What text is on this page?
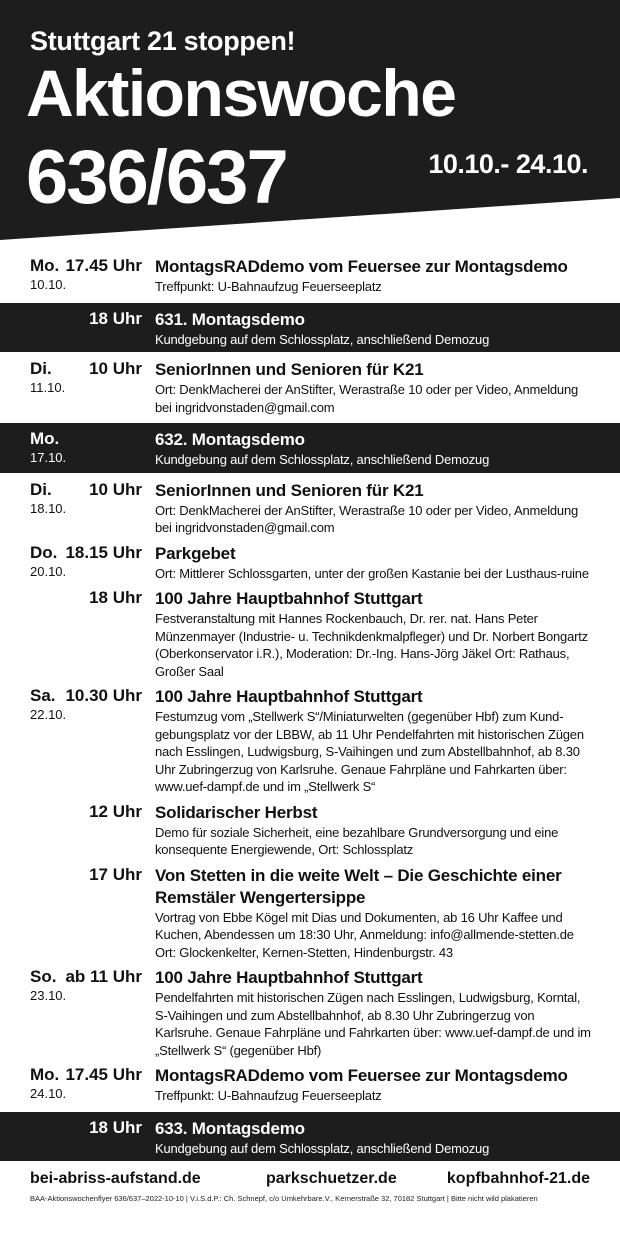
Stuttgart 21 stoppen!
Aktionswoche
636/637	10.10.- 24.10.
Mo. 17.45 Uhr
10.10.
MontagsRADdemo vom Feuersee zur Montagsdemo
Treffpunkt: U-Bahnaufzug Feuerseeplatz
18 Uhr 631. Montagsdemo
Kundgebung auf dem Schlossplatz, anschließend Demozug
Di. 10 Uhr
11.10.
SeniorInnen und Senioren für K21
Ort: DenkMacherei der AnStifter, Werastraße 10 oder per Video, Anmeldung bei ingridvonstaden@gmail.com
Mo.
17.10.
632. Montagsdemo
Kundgebung auf dem Schlossplatz, anschließend Demozug
Di. 10 Uhr
18.10.
SeniorInnen und Senioren für K21
Ort: DenkMacherei der AnStifter, Werastraße 10 oder per Video, Anmeldung bei ingridvonstaden@gmail.com
Do. 18.15 Uhr
20.10.
Parkgebet
Ort: Mittlerer Schlossgarten, unter der großen Kastanie bei der Lusthaus-ruine
18 Uhr 100 Jahre Hauptbahnhof Stuttgart
Festveranstaltung mit Hannes Rockenbauch, Dr. rer. nat. Hans Peter Münzenmayer (Industrie- u. Technikdenkmalpfleger) und Dr. Norbert Bongartz (Oberkonservator i.R.), Moderation: Dr.-Ing. Hans-Jörg Jäkel Ort: Rathaus, Großer Saal
Sa. 10.30 Uhr
22.10.
100 Jahre Hauptbahnhof Stuttgart
Festumzug vom „Stellwerk S“/Miniaturwelten (gegenüber Hbf) zum Kund-gebungsplatz vor der LBBW, ab 11 Uhr Pendelfahrten mit historischen Zügen nach Esslingen, Ludwigsburg, S-Vaihingen und zum Abstellbahnhof, ab 8.30 Uhr Zubringerzug von Karlsruhe. Genaue Fahrpläne und Fahrkarten über: www.uef-dampf.de und im „Stellwerk S“
12 Uhr Solidarischer Herbst
Demo für soziale Sicherheit, eine bezahlbare Grundversorgung und eine konsequente Energiewende, Ort: Schlossplatz
17 Uhr Von Stetten in die weite Welt – Die Geschichte einer Remstäler Wengertersippe
Vortrag von Ebbe Kögel mit Dias und Dokumenten, ab 16 Uhr Kaffee und Kuchen, Abendessen um 18:30 Uhr, Anmeldung: info@allmende-stetten.de Ort: Glockenkelter, Kernen-Stetten, Hindenburgstr. 43
So. ab 11 Uhr
23.10.
100 Jahre Hauptbahnhof Stuttgart
Pendelfahrten mit historischen Zügen nach Esslingen, Ludwigsburg, Korntal, S-Vaihingen und zum Abstellbahnhof, ab 8.30 Uhr Zubringerzug von Karlsruhe. Genaue Fahrpläne und Fahrkarten über: www.uef-dampf.de und im „Stellwerk S“ (gegenüber Hbf)
Mo. 17.45 Uhr
24.10.
MontagsRADdemo vom Feuersee zur Montagsdemo
Treffpunkt: U-Bahnaufzug Feuerseeplatz
18 Uhr 633. Montagsdemo
Kundgebung auf dem Schlossplatz, anschließend Demozug
bei-abriss-aufstand.de	parkschuetzer.de	kopfbahnhof-21.de
BAA-Aktionswochenflyer 636/637–2022-10-10 | V.i.S.d.P.: Ch. Schnepf, c/o Umkehrbare.V., Kernerstraße 32, 70182 Stuttgart | Bitte nicht wild plakatieren
